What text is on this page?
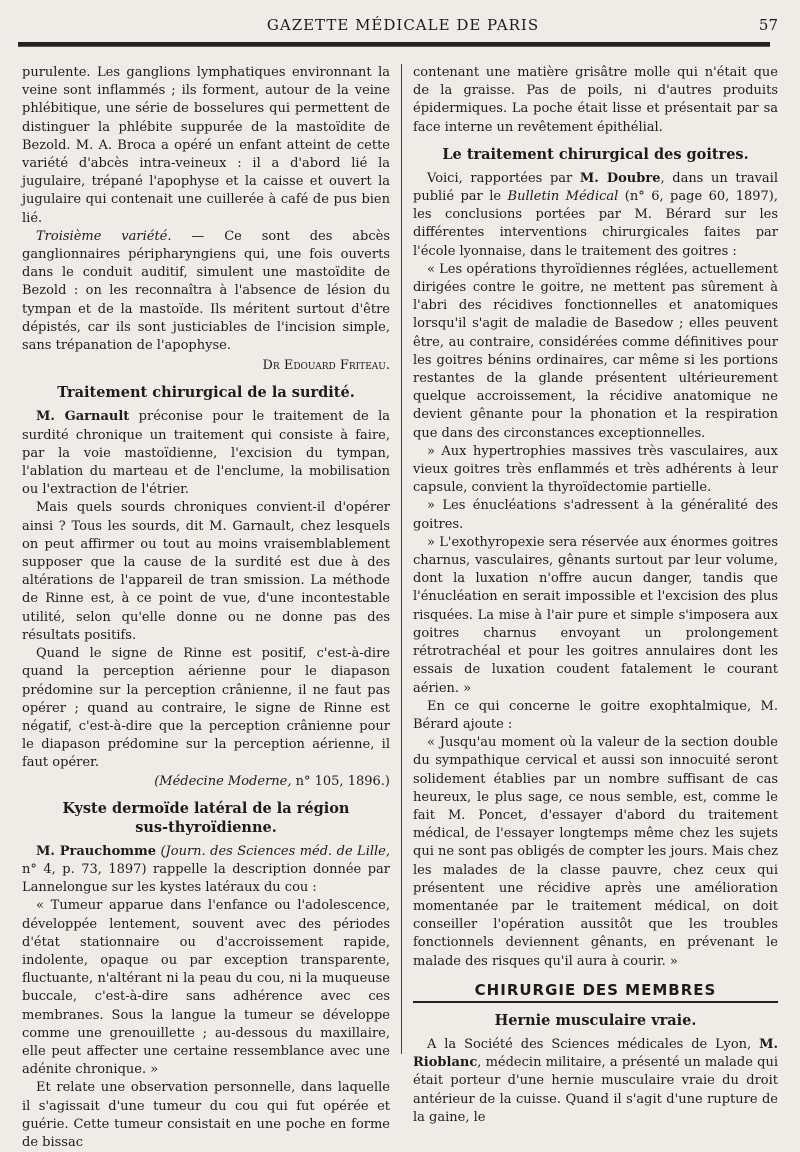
GAZETTE MÉDICALE DE PARIS	57

purulente. Les ganglions lymphatiques environnant la veine sont inflammés ; ils forment, autour de la veine phlébitique, une série de bosselures qui permettent de distinguer la phlébite suppurée de la mastoïdite de Bezold. M. A. Broca a opéré un enfant atteint de cette variété d'abcès intra-veineux : il a d'abord lié la jugulaire, trépané l'apophyse et la caisse et ouvert la jugulaire qui contenait une cuillerée à café de pus bien lié.

Troisième variété. — Ce sont des abcès ganglionnaires péripharyngiens qui, une fois ouverts dans le conduit auditif, simulent une mastoïdite de Bezold : on les reconnaîtra à l'absence de lésion du tympan et de la mastoïde. Ils méritent surtout d'être dépistés, car ils sont justiciables de l'incision simple, sans trépanation de l'apophyse.

Dr Edouard Friteau.
Traitement chirurgical de la surdité.

M. Garnault préconise pour le traitement de la surdité chronique un traitement qui consiste à faire, par la voie mastoïdienne, l'excision du tympan, l'ablation du marteau et de l'enclume, la mobilisation ou l'extraction de l'étrier.

Mais quels sourds chroniques convient-il d'opérer ainsi ? Tous les sourds, dit M. Garnault, chez lesquels on peut affirmer ou tout au moins vraisemblablement supposer que la cause de la surdité est due à des altérations de l'appareil de tran smission. La méthode de Rinne est, à ce point de vue, d'une incontestable utilité, selon qu'elle donne ou ne donne pas des résultats positifs.

Quand le signe de Rinne est positif, c'est-à-dire quand la perception aérienne pour le diapason prédomine sur la perception crânienne, il ne faut pas opérer ; quand au contraire, le signe de Rinne est négatif, c'est-à-dire que la perception crânienne pour le diapason prédomine sur la perception aérienne, il faut opérer.

(Médecine Moderne, n° 105, 1896.)
Kyste dermoïde latéral de la région
sus-thyroïdienne.

M. Prauchomme (Journ. des Sciences méd. de Lille, n° 4, p. 73, 1897) rappelle la description donnée par Lannelongue sur les kystes latéraux du cou :

« Tumeur apparue dans l'enfance ou l'adolescence, développée lentement, souvent avec des périodes d'état stationnaire ou d'accroissement rapide, indolente, opaque ou par exception transparente, fluctuante, n'altérant ni la peau du cou, ni la muqueuse buccale, c'est-à-dire sans adhérence avec ces membranes. Sous la langue la tumeur se développe comme une grenouillette ; au-dessous du maxillaire, elle peut affecter une certaine ressemblance avec une adénite chronique. »

Et relate une observation personnelle, dans laquelle il s'agissait d'une tumeur du cou qui fut opérée et guérie. Cette tumeur consistait en une poche en forme de bissac

contenant une matière grisâtre molle qui n'était que de la graisse. Pas de poils, ni d'autres produits épidermiques. La poche était lisse et présentait par sa face interne un revêtement épithélial.

Le traitement chirurgical des goitres.

Voici, rapportées par M. Doubre, dans un travail publié par le Bulletin Médical (n° 6, page 60, 1897), les conclusions portées par M. Bérard sur les différentes interventions chirurgicales faites par l'école lyonnaise, dans le traitement des goitres :

« Les opérations thyroïdiennes réglées, actuellement dirigées contre le goitre, ne mettent pas sûrement à l'abri des récidives fonctionnelles et anatomiques lorsqu'il s'agit de maladie de Basedow ; elles peuvent être, au contraire, considérées comme définitives pour les goitres bénins ordinaires, car même si les portions restantes de la glande présentent ultérieurement quelque accroissement, la récidive anatomique ne devient gênante pour la phonation et la respiration que dans des circonstances exceptionnelles.

» Aux hypertrophies massives très vasculaires, aux vieux goitres très enflammés et très adhérents à leur capsule, convient la thyroïdectomie partielle.

» Les énucléations s'adressent à la généralité des goitres.

» L'exothyropexie sera réservée aux énormes goitres charnus, vasculaires, gênants surtout par leur volume, dont la luxation n'offre aucun danger, tandis que l'énucléation en serait impossible et l'excision des plus risquées. La mise à l'air pure et simple s'imposera aux goitres charnus envoyant un prolongement rétrotrachéal et pour les goitres annulaires dont les essais de luxation coudent fatalement le courant aérien. »

En ce qui concerne le goitre exophtalmique, M. Bérard ajoute :

« Jusqu'au moment où la valeur de la section double du sympathique cervical et aussi son innocuité seront solidement établies par un nombre suffisant de cas heureux, le plus sage, ce nous semble, est, comme le fait M. Poncet, d'essayer d'abord du traitement médical, de l'essayer longtemps même chez les sujets qui ne sont pas obligés de compter les jours. Mais chez les malades de la classe pauvre, chez ceux qui présentent une récidive après une amélioration momentanée par le traitement médical, on doit conseiller l'opération aussitôt que les troubles fonctionnels deviennent gênants, en prévenant le malade des risques qu'il aura à courir. »

CHIRURGIE DES MEMBRES
Hernie musculaire vraie.

A la Société des Sciences médicales de Lyon, M. Rioblanc, médecin militaire, a présenté un malade qui était porteur d'une hernie musculaire vraie du droit antérieur de la cuisse. Quand il s'agit d'une rupture de la gaine, le
